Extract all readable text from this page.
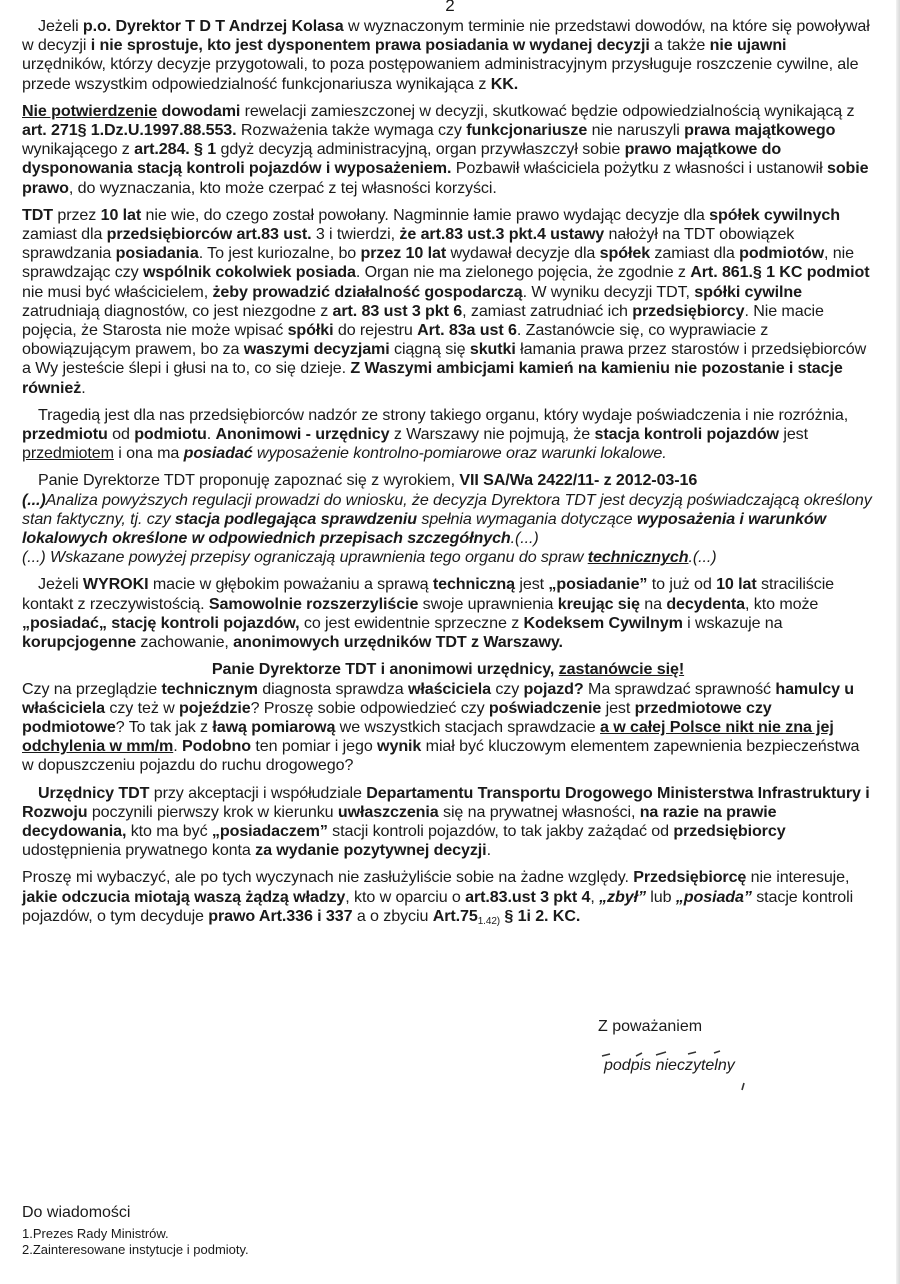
2

Jeżeli p.o. Dyrektor T D T Andrzej Kolasa w wyznaczonym terminie nie przedstawi dowodów, na które się powoływał w decyzji i nie sprostuje, kto jest dysponentem prawa posiadania w wydanej decyzji a także nie ujawni urzędników, którzy decyzje przygotowali, to poza postępowaniem administracyjnym przysługuje roszczenie cywilne, ale przede wszystkim odpowiedzialność funkcjonariusza wynikająca z KK.

Nie potwierdzenie dowodami rewelacji zamieszczonej w decyzji, skutkować będzie odpowiedzialnością wynikającą z art. 271§ 1.Dz.U.1997.88.553. Rozważenia także wymaga czy funkcjonariusze nie naruszyli prawa majątkowego wynikającego z art.284. § 1 gdyż decyzją administracyjną, organ przywłaszczył sobie prawo majątkowe do dysponowania stacją kontroli pojazdów i wyposażeniem. Pozbawił właściciela pożytku z własności i ustanowił sobie prawo, do wyznaczania, kto może czerpać z tej własności korzyści.

TDT przez 10 lat nie wie, do czego został powołany. Nagminnie łamie prawo wydając decyzje dla spółek cywilnych zamiast dla przedsiębiorców art.83 ust. 3 i twierdzi, że art.83 ust.3 pkt.4 ustawy nałożył na TDT obowiązek sprawdzania posiadania. To jest kuriozalne, bo przez 10 lat wydawał decyzje dla spółek zamiast dla podmiotów, nie sprawdzając czy wspólnik cokolwiek posiada. Organ nie ma zielonego pojęcia, że zgodnie z Art. 861.§ 1 KC podmiot nie musi być właścicielem, żeby prowadzić działalność gospodarczą. W wyniku decyzji TDT, spółki cywilne zatrudniają diagnostów, co jest niezgodne z art. 83 ust 3 pkt 6, zamiast zatrudniać ich przedsiębiorcy. Nie macie pojęcia, że Starosta nie może wpisać spółki do rejestru Art. 83a ust 6. Zastanówcie się, co wyprawiacie z obowiązującym prawem, bo za waszymi decyzjami ciągną się skutki łamania prawa przez starostów i przedsiębiorców a Wy jesteście ślepi i głusi na to, co się dzieje. Z Waszymi ambicjami kamień na kamieniu nie pozostanie i stacje również.

Tragedią jest dla nas przedsiębiorców nadzór ze strony takiego organu, który wydaje poświadczenia i nie rozróżnia, przedmiotu od podmiotu. Anonimowi - urzędnicy z Warszawy nie pojmują, że stacja kontroli pojazdów jest przedmiotem i ona ma posiadać wyposażenie kontrolno-pomiarowe oraz warunki lokalowe.

Panie Dyrektorze TDT proponuję zapoznać się z wyrokiem, VII SA/Wa 2422/11- z 2012-03-16
(...)Analiza powyższych regulacji prowadzi do wniosku, że decyzja Dyrektora TDT jest decyzją poświadczającą określony stan faktyczny, tj. czy stacja podlegająca sprawdzeniu spełnia wymagania dotyczące wyposażenia i warunków lokalowych określone w odpowiednich przepisach szczegółnych.(...)
(...) Wskazane powyżej przepisy ograniczają uprawnienia tego organu do spraw technicznych.(...)

Jeżeli WYROKI macie w głębokim poważaniu a sprawą techniczną jest „posiadanie” to już od 10 lat straciliście kontakt z rzeczywistością. Samowolnie rozszerzyliście swoje uprawnienia kreując się na decydenta, kto może „posiadać„ stację kontroli pojazdów, co jest ewidentnie sprzeczne z Kodeksem Cywilnym i wskazuje na korupcjogenne zachowanie, anonimowych urzędników TDT z Warszawy.

Panie Dyrektorze TDT i anonimowi urzędnicy, zastanówcie się!

Czy na przeglądzie technicznym diagnosta sprawdza właściciela czy pojazd? Ma sprawdzać sprawność hamulcy u właściciela czy też w pojeździe? Proszę sobie odpowiedzieć czy poświadczenie jest przedmiotowe czy podmiotowe? To tak jak z ławą pomiarową we wszystkich stacjach sprawdzacie a w całej Polsce nikt nie zna jej odchylenia w mm/m. Podobno ten pomiar i jego wynik miał być kluczowym elementem zapewnienia bezpieczeństwa w dopuszczeniu pojazdu do ruchu drogowego?

Urzędnicy TDT przy akceptacji i współudziale Departamentu Transportu Drogowego Ministerstwa Infrastruktury i Rozwoju poczynili pierwszy krok w kierunku uwłaszczenia się na prywatnej własności, na razie na prawie decydowania, kto ma być „posiadaczem” stacji kontroli pojazdów, to tak jakby zażądać od przedsiębiorcy udostępnienia prywatnego konta za wydanie pozytywnej decyzji.

Proszę mi wybaczyć, ale po tych wyczynach nie zasłużyliście sobie na żadne względy. Przedsiębiorcę nie interesuje, jakie odczucia miotają waszą żądzą władzy, kto w oparciu o art.83.ust 3 pkt 4, „zbył” lub „posiada” stacje kontroli pojazdów, o tym decyduje prawo Art.336 i 337 a o zbyciu $Art.75_{1.42)}$ § 1i 2. KC.

Z poważaniem
podpis nieczytelny
Do wiadomości
1.Prezes Rady Ministrów.
2.Zainteresowane instytucje i podmioty.
